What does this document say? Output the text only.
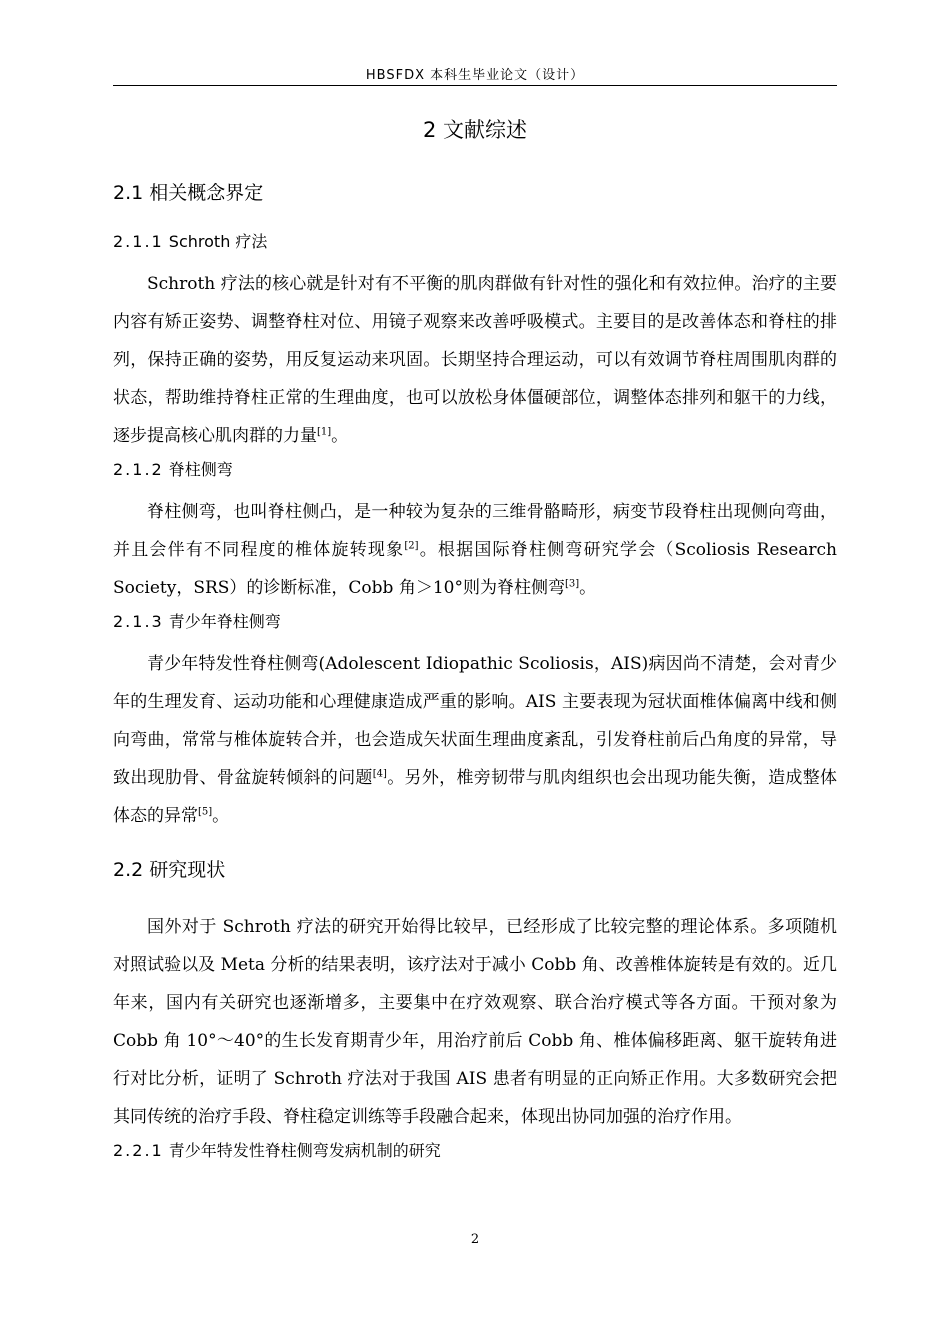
HBSFDX 本科生毕业论文（设计）
2 文献综述
2.1 相关概念界定
2.1.1 Schroth 疗法

Schroth 疗法的核心就是针对有不平衡的肌肉群做有针对性的强化和有效拉伸。治疗的主要内容有矫正姿势、调整脊柱对位、用镜子观察来改善呼吸模式。主要目的是改善体态和脊柱的排列，保持正确的姿势，用反复运动来巩固。长期坚持合理运动，可以有效调节脊柱周围肌肉群的状态，帮助维持脊柱正常的生理曲度，也可以放松身体僵硬部位，调整体态排列和躯干的力线，逐步提高核心肌肉群的力量[1]。

2.1.2 脊柱侧弯

脊柱侧弯，也叫脊柱侧凸，是一种较为复杂的三维骨骼畸形，病变节段脊柱出现侧向弯曲，并且会伴有不同程度的椎体旋转现象[2]。根据国际脊柱侧弯研究学会（Scoliosis Research Society，SRS）的诊断标准，Cobb 角＞10°则为脊柱侧弯[3]。

2.1.3 青少年脊柱侧弯

青少年特发性脊柱侧弯(Adolescent Idiopathic Scoliosis，AIS)病因尚不清楚，会对青少年的生理发育、运动功能和心理健康造成严重的影响。AIS 主要表现为冠状面椎体偏离中线和侧向弯曲，常常与椎体旋转合并，也会造成矢状面生理曲度紊乱，引发脊柱前后凸角度的异常，导致出现肋骨、骨盆旋转倾斜的问题[4]。另外，椎旁韧带与肌肉组织也会出现功能失衡，造成整体体态的异常[5]。

2.2 研究现状

国外对于 Schroth 疗法的研究开始得比较早，已经形成了比较完整的理论体系。多项随机对照试验以及 Meta 分析的结果表明，该疗法对于减小 Cobb 角、改善椎体旋转是有效的。近几年来，国内有关研究也逐渐增多，主要集中在疗效观察、联合治疗模式等各方面。干预对象为 Cobb 角 10°～40°的生长发育期青少年，用治疗前后 Cobb 角、椎体偏移距离、躯干旋转角进行对比分析，证明了 Schroth 疗法对于我国 AIS 患者有明显的正向矫正作用。大多数研究会把其同传统的治疗手段、脊柱稳定训练等手段融合起来，体现出协同加强的治疗作用。

2.2.1 青少年特发性脊柱侧弯发病机制的研究
2
